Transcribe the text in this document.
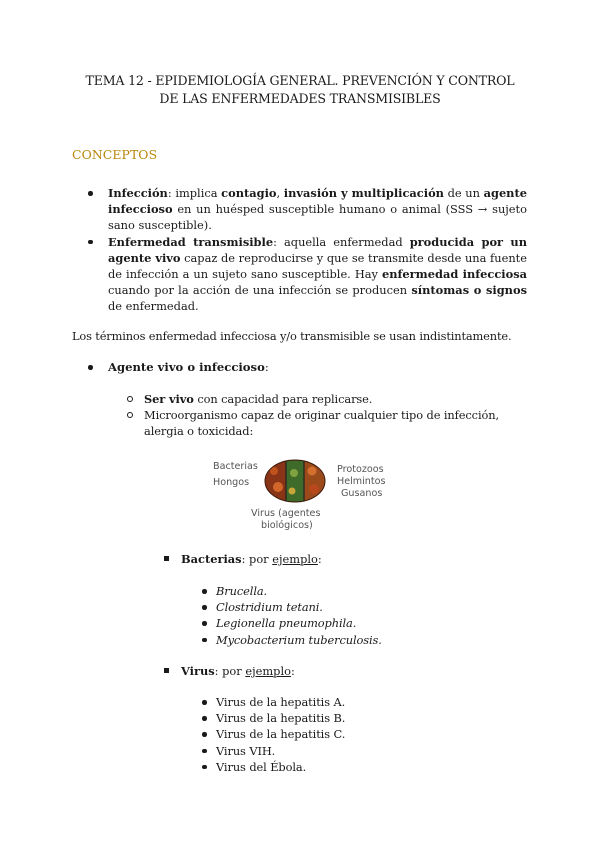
TEMA 12 - EPIDEMIOLOGÍA GENERAL. PREVENCIÓN Y CONTROL
DE LAS ENFERMEDADES TRANSMISIBLES
CONCEPTOS
Infección: implica contagio, invasión y multiplicación de un agente infeccioso en un huésped susceptible humano o animal (SSS → sujeto sano susceptible).
Enfermedad transmisible: aquella enfermedad producida por un agente vivo capaz de reproducirse y que se transmite desde una fuente de infección a un sujeto sano susceptible. Hay enfermedad infecciosa cuando por la acción de una infección se producen síntomas o signos de enfermedad.
Los términos enfermedad infecciosa y/o transmisible se usan indistintamente.
Agente vivo o infeccioso:
Ser vivo con capacidad para replicarse.
Microorganismo capaz de originar cualquier tipo de infección, alergia o toxicidad:
Bacterias
Hongos
Protozoos
Helmintos
Gusanos
Virus (agentes
biológicos)
Bacterias: por ejemplo:
Brucella.
Clostridium tetani.
Legionella pneumophila.
Mycobacterium tuberculosis.
Virus: por ejemplo:
Virus de la hepatitis A.
Virus de la hepatitis B.
Virus de la hepatitis C.
Virus VIH.
Virus del Ébola.
